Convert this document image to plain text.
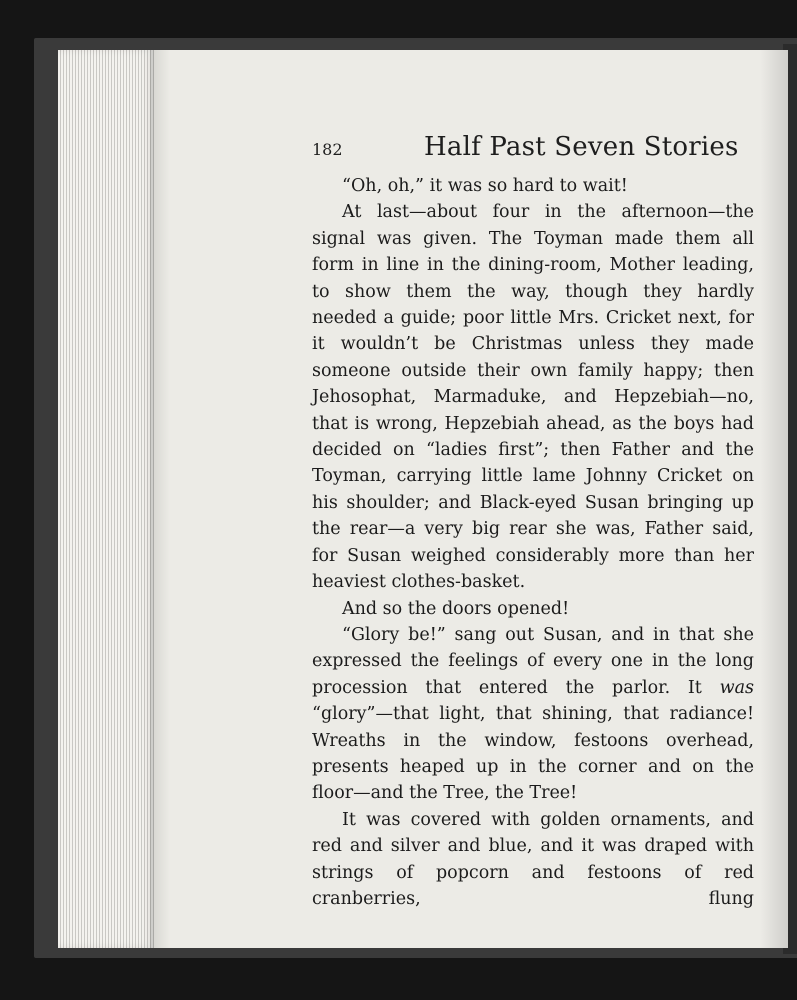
182	Half Past Seven Stories

“Oh, oh,” it was so hard to wait!

At last—about four in the afternoon—the signal was given. The Toyman made them all form in line in the dining-room, Mother leading, to show them the way, though they hardly needed a guide; poor little Mrs. Cricket next, for it wouldn’t be Christmas unless they made someone outside their own family happy; then Jehosophat, Marmaduke, and Hepzebiah—no, that is wrong, Hepzebiah ahead, as the boys had decided on “ladies first”; then Father and the Toyman, carrying little lame Johnny Cricket on his shoulder; and Black-eyed Susan bringing up the rear—a very big rear she was, Father said, for Susan weighed considerably more than her heaviest clothes-basket.

And so the doors opened!

“Glory be!” sang out Susan, and in that she expressed the feelings of every one in the long procession that entered the parlor. It was “glory”—that light, that shining, that radiance! Wreaths in the window, festoons overhead, presents heaped up in the corner and on the floor—and the Tree, the Tree!

It was covered with golden ornaments, and red and silver and blue, and it was draped with strings of popcorn and festoons of red cranberries, flung
